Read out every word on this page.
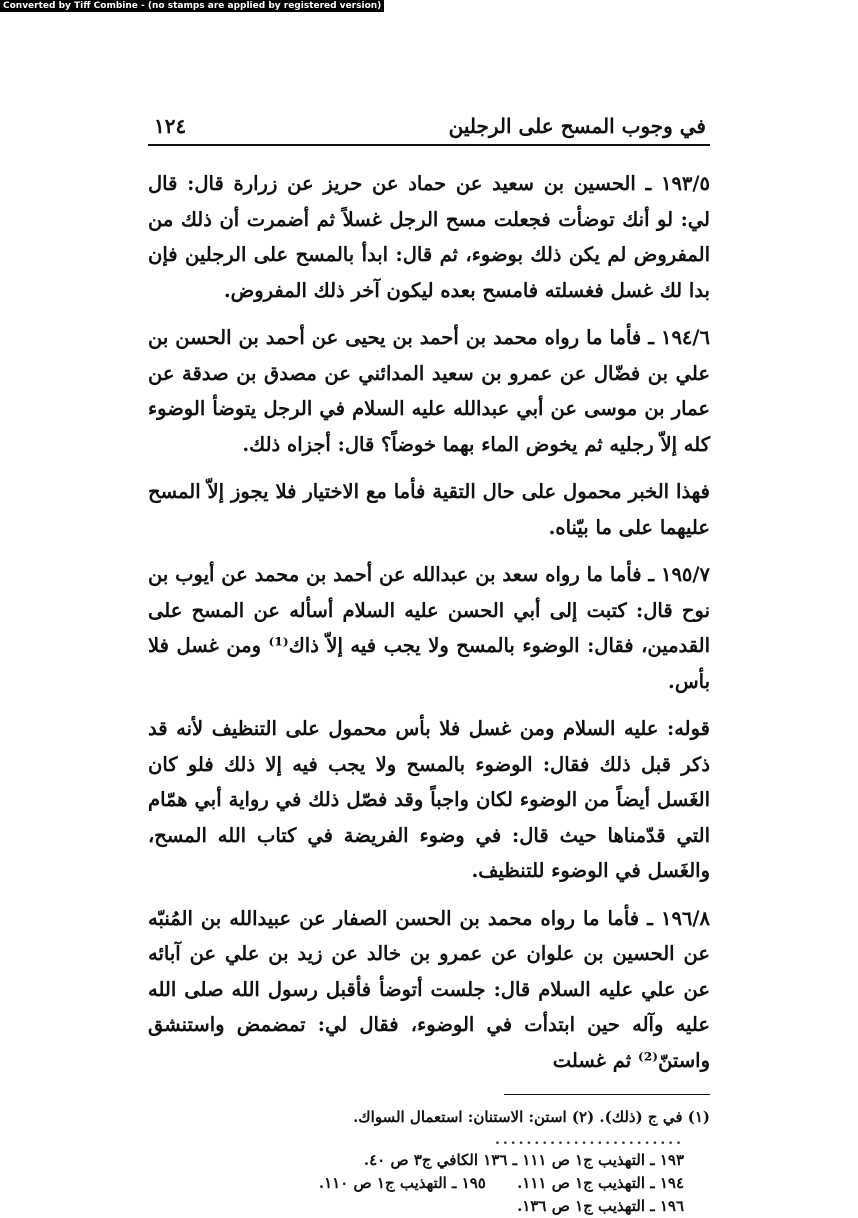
Converted by Tiff Combine - (no stamps are applied by registered version)
في وجوب المسح على الرجلين
١٢٤

١٩٣/٥ ـ الحسين بن سعيد عن حماد عن حريز عن زرارة قال: قال لي: لو أنك توضأت فجعلت مسح الرجل غسلاً ثم أضمرت أن ذلك من المفروض لم يكن ذلك بوضوء، ثم قال: ابدأ بالمسح على الرجلين فإن بدا لك غسل فغسلته فامسح بعده ليكون آخر ذلك المفروض.

١٩٤/٦ ـ فأما ما رواه محمد بن أحمد بن يحيى عن أحمد بن الحسن بن علي بن فضّال عن عمرو بن سعيد المدائني عن مصدق بن صدقة عن عمار بن موسى عن أبي عبدالله عليه السلام في الرجل يتوضأ الوضوء كله إلاّ رجليه ثم يخوض الماء بهما خوضاً؟ قال: أجزاه ذلك.

فهذا الخبر محمول على حال التقية فأما مع الاختيار فلا يجوز إلاّ المسح عليهما على ما بيّناه.

١٩٥/٧ ـ فأما ما رواه سعد بن عبدالله عن أحمد بن محمد عن أيوب بن نوح قال: كتبت إلى أبي الحسن عليه السلام أسأله عن المسح على القدمين، فقال: الوضوء بالمسح ولا يجب فيه إلاّ ذاك⁽¹⁾ ومن غسل فلا بأس.

قوله: عليه السلام ومن غسل فلا بأس محمول على التنظيف لأنه قد ذكر قبل ذلك فقال: الوضوء بالمسح ولا يجب فيه إلا ذلك فلو كان الغَسل أيضاً من الوضوء لكان واجباً وقد فصّل ذلك في رواية أبي همّام التي قدّمناها حيث قال: في وضوء الفريضة في كتاب الله المسح، والغَسل في الوضوء للتنظيف.

١٩٦/٨ ـ فأما ما رواه محمد بن الحسن الصفار عن عبيدالله بن المُنبّه عن الحسين بن علوان عن عمرو بن خالد عن زيد بن علي عن آبائه عن علي عليه السلام قال: جلست أتوضأ فأقبل رسول الله صلى الله عليه وآله حين ابتدأت في الوضوء، فقال لي: تمضمض واستنشق واستنّ⁽²⁾ ثم غسلت

(١) في ج (ذلك). (٢) استن: الاستنان: استعمال السواك.

........................

١٩٣ ـ التهذيب ج١ ص ١١١ ـ ١٣٦ الكافي ج٣ ص ٤٠.

١٩٤ ـ التهذيب ج١ ص ١١١. ١٩٥ ـ التهذيب ج١ ص ١١٠.

١٩٦ ـ التهذيب ج١ ص ١٣٦.
